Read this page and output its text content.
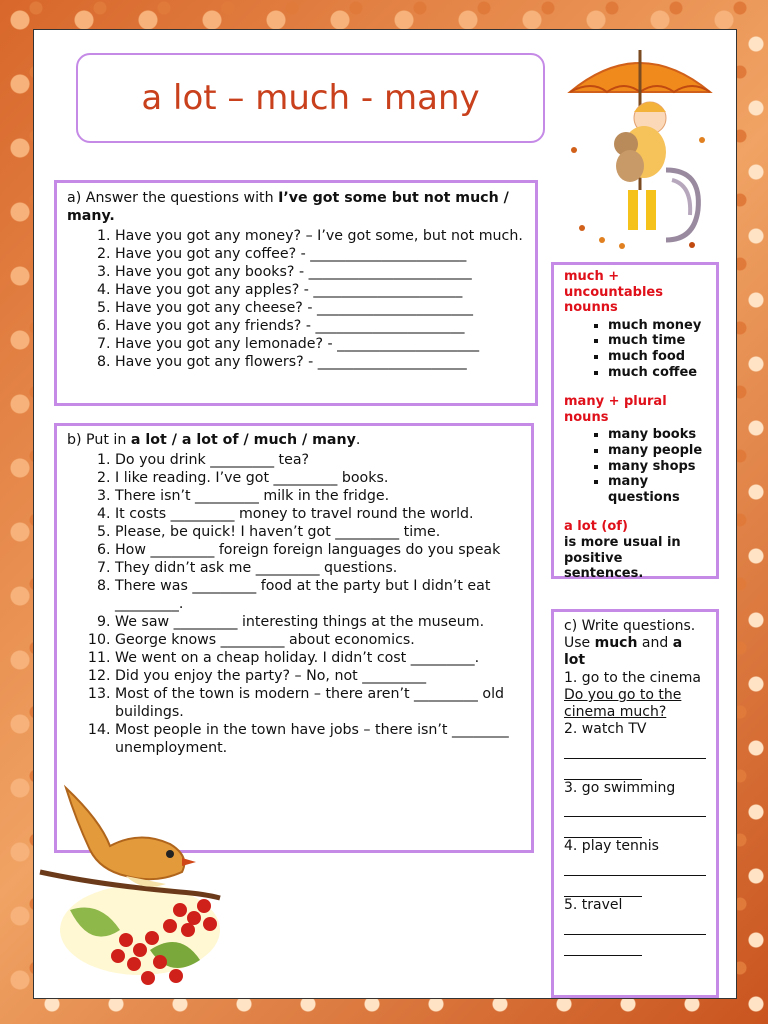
a lot – much - many
a) Answer the questions with I’ve got some but not much / many.
1. Have you got any money? – I’ve got some, but not much.
2. Have you got any coffee? - ______________________
3. Have you got any books? - _______________________
4. Have you got any apples? - _____________________
5. Have you got any cheese? - ______________________
6. Have you got any friends? - _____________________
7. Have you got any lemonade? - ____________________
8. Have you got any flowers? - _____________________
b) Put in a lot / a lot of / much / many.
1. Do you drink _________ tea?
2. I like reading. I’ve got _________ books.
3. There isn’t _________ milk in the fridge.
4. It costs _________ money to travel round the world.
5. Please, be quick! I haven’t got _________ time.
6. How _________ foreign foreign languages do you speak
7. They didn’t ask me _________ questions.
8. There was _________ food at the party but I didn’t eat _________.
9. We saw _________ interesting things at the museum.
10. George knows _________ about economics.
11. We went on a cheap holiday. I didn’t cost _________.
12. Did you enjoy the party? – No, not _________
13. Most of the town is modern – there aren’t _________ old buildings.
14. Most people in the town have jobs – there isn’t ________ unemployment.
much + uncountables nounns
▪ much money
▪ much time
▪ much food
▪ much coffee
many + plural nouns
▪ many books
▪ many people
▪ many shops
▪ many questions
a lot (of)
is more usual in positive sentences.
c) Write questions. Use much and a lot
1. go to the cinema
Do you go to the cinema much?
2. watch TV
3. go swimming
4. play tennis
5. travel
